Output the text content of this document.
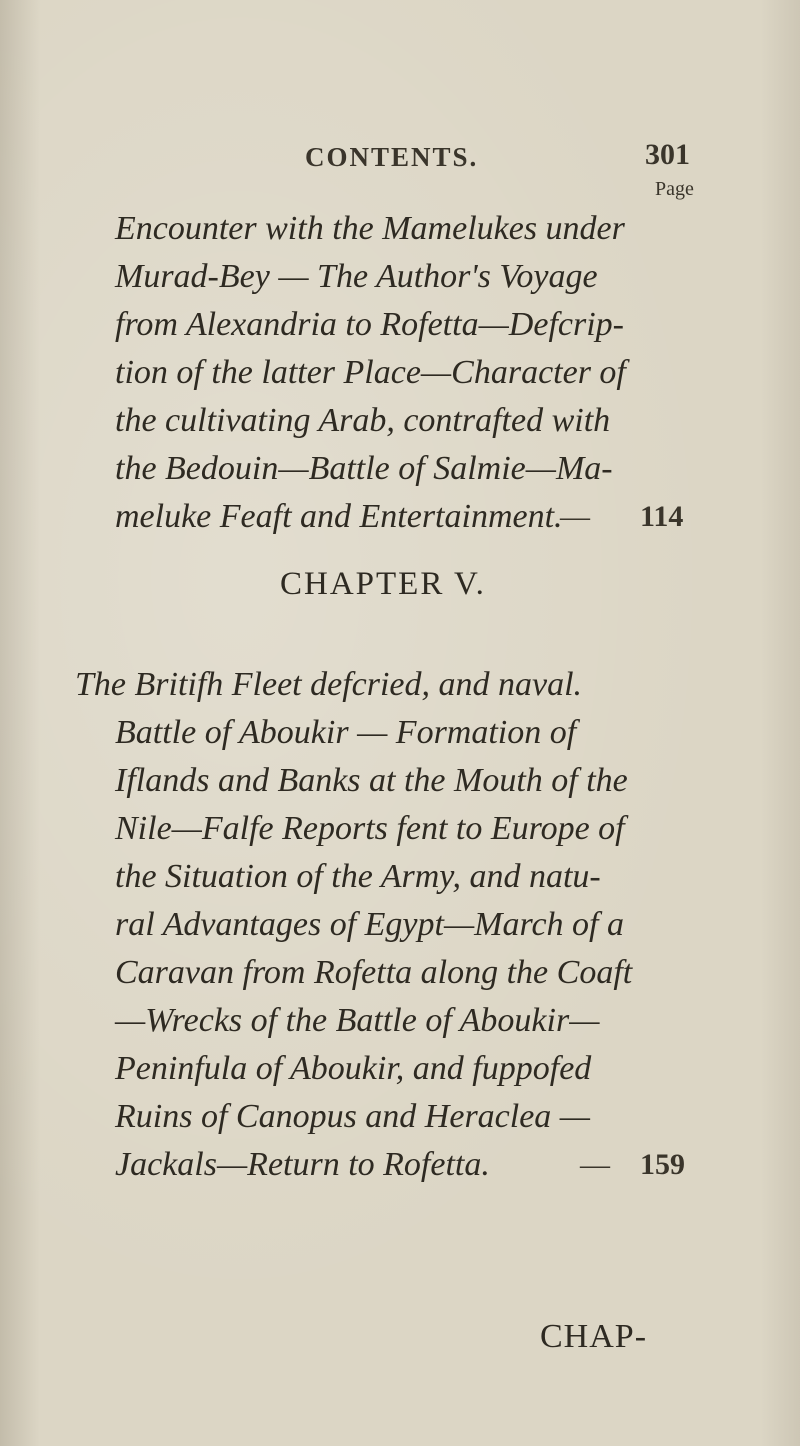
CONTENTS.	301
Page
Encounter with the Mamelukes under
Murad-Bey — The Author's Voyage
from Alexandria to Rofetta—Defcrip-
tion of the latter Place—Character of
the cultivating Arab, contrafted with
CHAPTER V.
The Britifh Fleet defcried, and naval.
Battle of Aboukir — Formation of
Iflands and Banks at the Mouth of the
Nile—Falfe Reports fent to Europe of
the Situation of the Army, and natu-
ral Advantages of Egypt—March of a
Caravan from Rofetta along the Coaft
—Wrecks of the Battle of Aboukir—
Peninfula of Aboukir, and fuppofed
Ruins of Canopus and Heraclea —
Jackals—Return to Rofetta.	— 159
CHAP-
the Bedouin—Battle of Salmie—Ma-
meluke Feaft and Entertainment.
— 114
